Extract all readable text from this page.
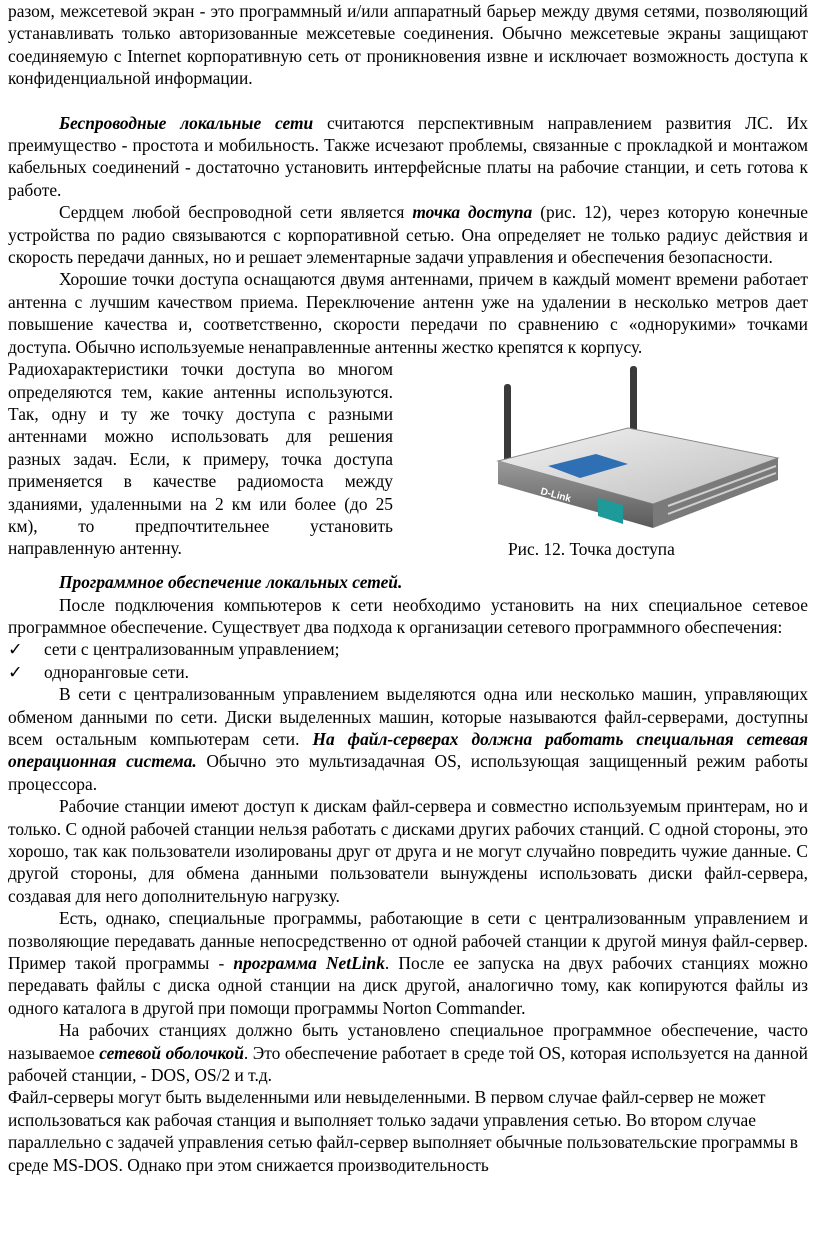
разом, межсетевой экран - это программный и/или аппаратный барьер между двумя сетями, позволяющий устанавливать только авторизованные межсетевые соединения. Обычно межсетевые экраны защищают соединяемую с Internet корпоративную сеть от проникновения извне и исключает возможность доступа к конфиденциальной информации.

Беспроводные локальные сети считаются перспективным направлением развития ЛС. Их преимущество - простота и мобильность. Также исчезают проблемы, связанные с прокладкой и монтажом кабельных соединений - достаточно установить интерфейсные платы на рабочие станции, и сеть готова к работе.

Сердцем любой беспроводной сети является точка доступа (рис. 12), через которую конечные устройства по радио связываются с корпоративной сетью. Она определяет не только радиус действия и скорость передачи данных, но и решает элементарные задачи управления и обеспечения безопасности.

Хорошие точки доступа оснащаются двумя антеннами, причем в каждый момент времени работает антенна с лучшим качеством приема. Переключение антенн уже на удалении в несколько метров дает повышение качества и, соответственно, скорости передачи по сравнению с «однорукими» точками доступа. Обычно используемые ненаправленные антенны жестко крепятся к корпусу.

Радиохарактеристики точки доступа во многом определяются тем, какие антенны используются. Так, одну и ту же точку доступа с разными антеннами можно использовать для решения разных задач. Если, к примеру, точка доступа применяется в качестве радиомоста между зданиями, удаленными на 2 км или более (до 25 км), то предпочтительнее установить направленную антенну.

D-Link
Рис. 12. Точка доступа

Программное обеспечение локальных сетей.

После подключения компьютеров к сети необходимо установить на них специальное сетевое программное обеспечение. Существует два подхода к организации сетевого программного обеспечения:

✓	сети с централизованным управлением;
✓	одноранговые сети.

В сети с централизованным управлением выделяются одна или несколько машин, управляющих обменом данными по сети. Диски выделенных машин, которые называются файл-серверами, доступны всем остальным компьютерам сети. На файл-серверах должна работать специальная сетевая операционная система. Обычно это мультизадачная OS, использующая защищенный режим работы процессора.

Рабочие станции имеют доступ к дискам файл-сервера и совместно используемым принтерам, но и только. С одной рабочей станции нельзя работать с дисками других рабочих станций. С одной стороны, это хорошо, так как пользователи изолированы друг от друга и не могут случайно повредить чужие данные. С другой стороны, для обмена данными пользователи вынуждены использовать диски файл-сервера, создавая для него дополнительную нагрузку.

Есть, однако, специальные программы, работающие в сети с централизованным управлением и позволяющие передавать данные непосредственно от одной рабочей станции к другой минуя файл-сервер. Пример такой программы - программа NetLink. После ее запуска на двух рабочих станциях можно передавать файлы с диска одной станции на диск другой, аналогично тому, как копируются файлы из одного каталога в другой при помощи программы Norton Commander.

На рабочих станциях должно быть установлено специальное программное обеспечение, часто называемое сетевой оболочкой. Это обеспечение работает в среде той OS, которая используется на данной рабочей станции, - DOS, OS/2 и т.д.

Файл-серверы могут быть выделенными или невыделенными. В первом случае файл-сервер не может использоваться как рабочая станция и выполняет только задачи управления сетью. Во втором случае параллельно с задачей управления сетью файл-сервер выполняет обычные пользовательские программы в среде MS-DOS. Однако при этом снижается производительность
